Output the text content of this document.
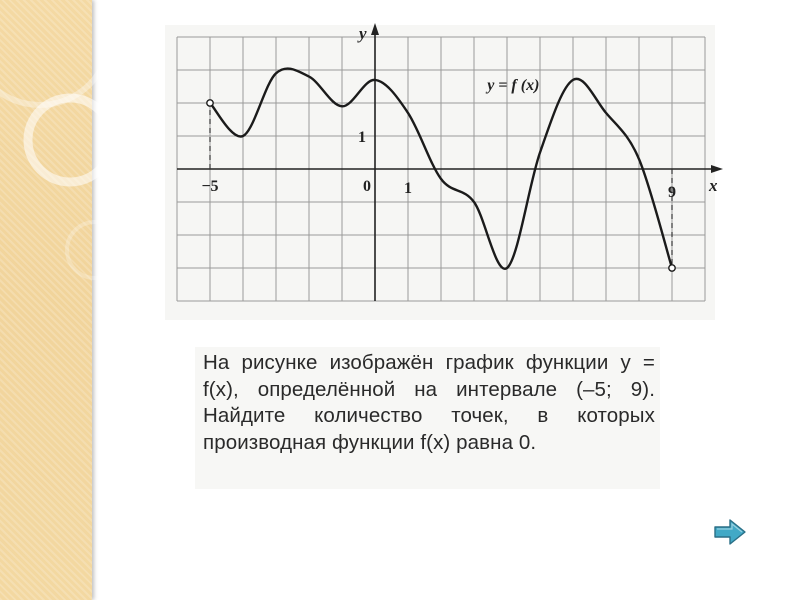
y
x
−5	0 1	9
1
y = f (x)
На рисунке изображён график функции y = f(x), определённой на интервале (–5; 9). Найдите количество точек, в которых производная функции f(x) равна 0.
